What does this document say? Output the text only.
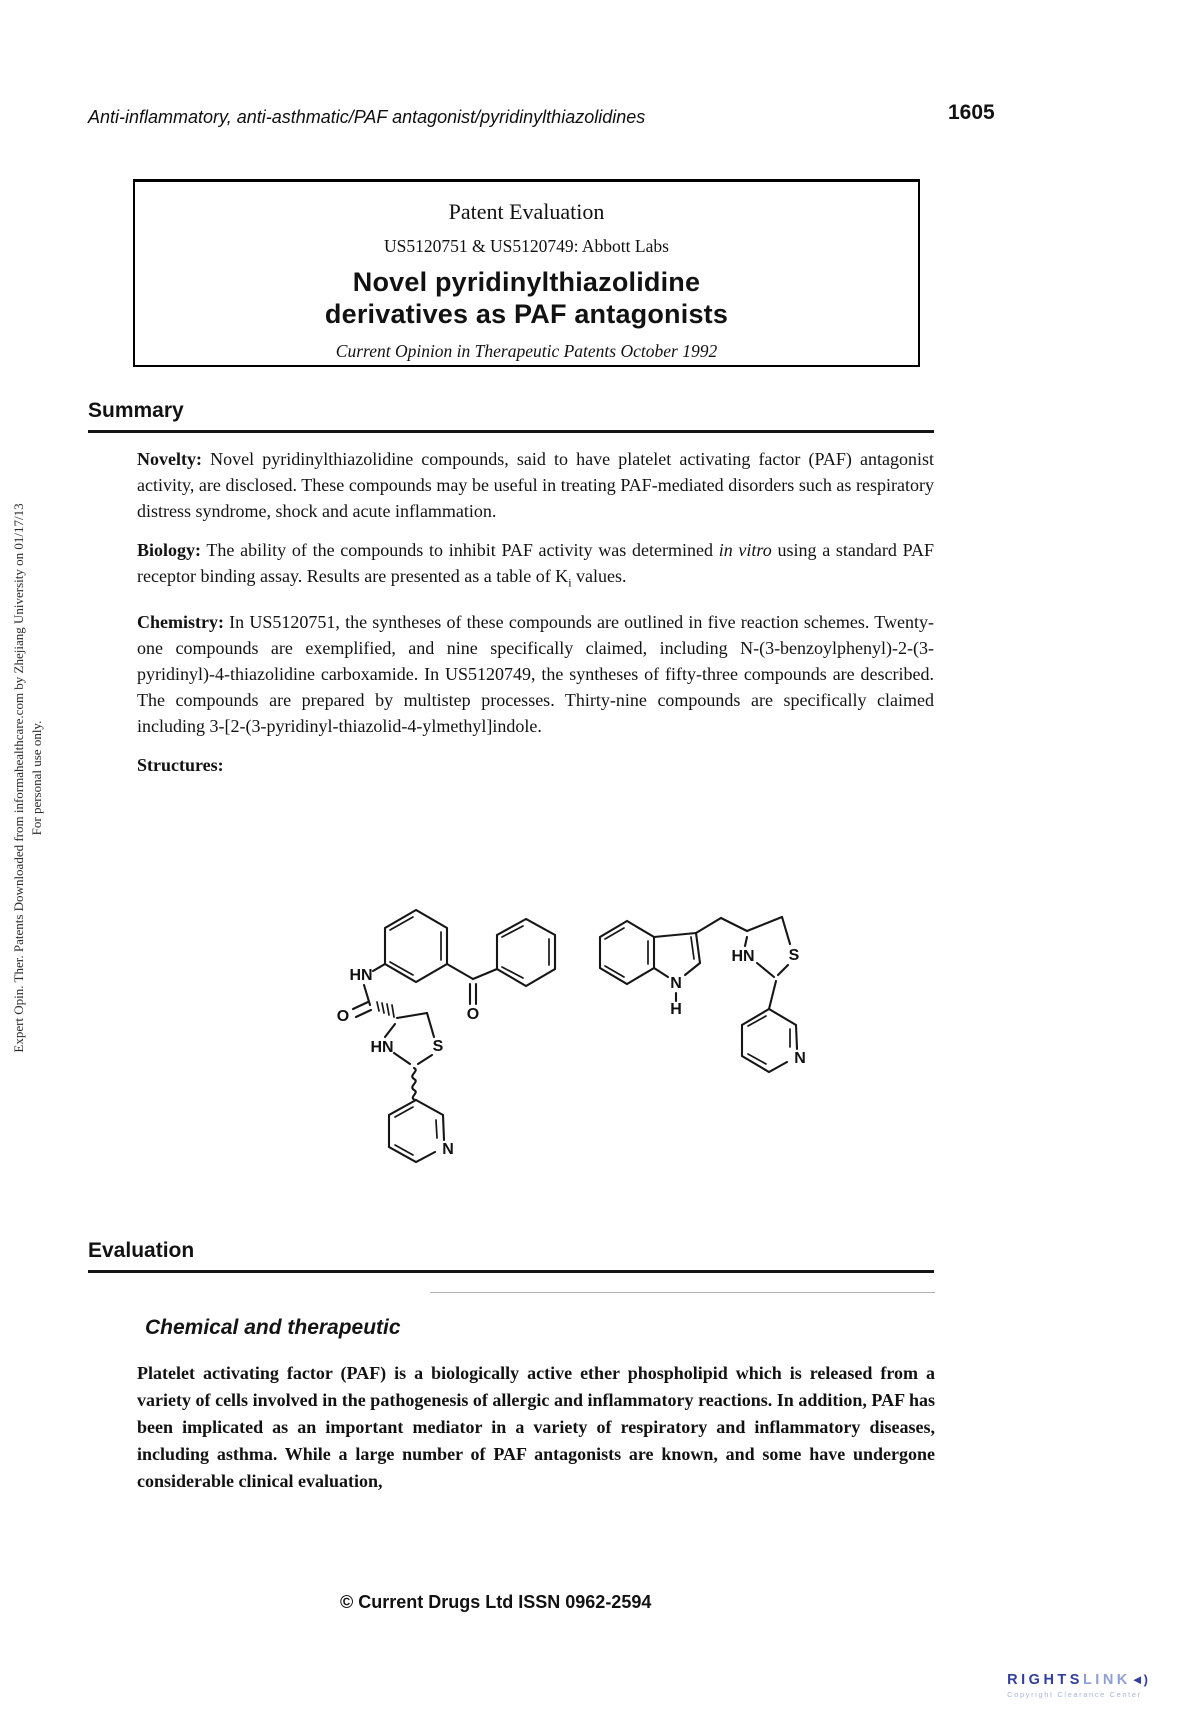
Expert Opin. Ther. Patents Downloaded from informahealthcare.com by Zhejiang University on 01/17/13 For personal use only.
Anti-inflammatory, anti-asthmatic/PAF antagonist/pyridinylthiazolidines	1605
Patent Evaluation
US5120751 & US5120749: Abbott Labs
Novel pyridinylthiazolidine
derivatives as PAF antagonists
Current Opinion in Therapeutic Patents October 1992
Summary

Novelty: Novel pyridinylthiazolidine compounds, said to have platelet activating factor (PAF) antagonist activity, are disclosed. These compounds may be useful in treating PAF-mediated disorders such as respiratory distress syndrome, shock and acute inflammation.

Biology: The ability of the compounds to inhibit PAF activity was determined in vitro using a standard PAF receptor binding assay. Results are presented as a table of $K_i$ values.

Chemistry: In US5120751, the syntheses of these compounds are outlined in five reaction schemes. Twenty-one compounds are exemplified, and nine specifically claimed, including N-(3-benzoylphenyl)-2-(3-pyridinyl)-4-thiazolidine carboxamide. In US5120749, the syntheses of fifty-three compounds are described. The compounds are prepared by multistep processes. Thirty-nine compounds are specifically claimed including 3-[2-(3-pyridinyl-thiazolid-4-ylmethyl]indole.

Structures:

HN
O
S
HN
N
O
N
H
S
HN
N
Evaluation
Chemical and therapeutic
Platelet activating factor (PAF) is a biologically active ether phospholipid which is released from a variety of cells involved in the pathogenesis of allergic and inflammatory reactions. In addition, PAF has been implicated as an important mediator in a variety of respiratory and inflammatory diseases, including asthma. While a large number of PAF antagonists are known, and some have undergone considerable clinical evaluation,
© Current Drugs Ltd ISSN 0962-2594
RIGHTSLINK◄)
Copyright Clearance Center
